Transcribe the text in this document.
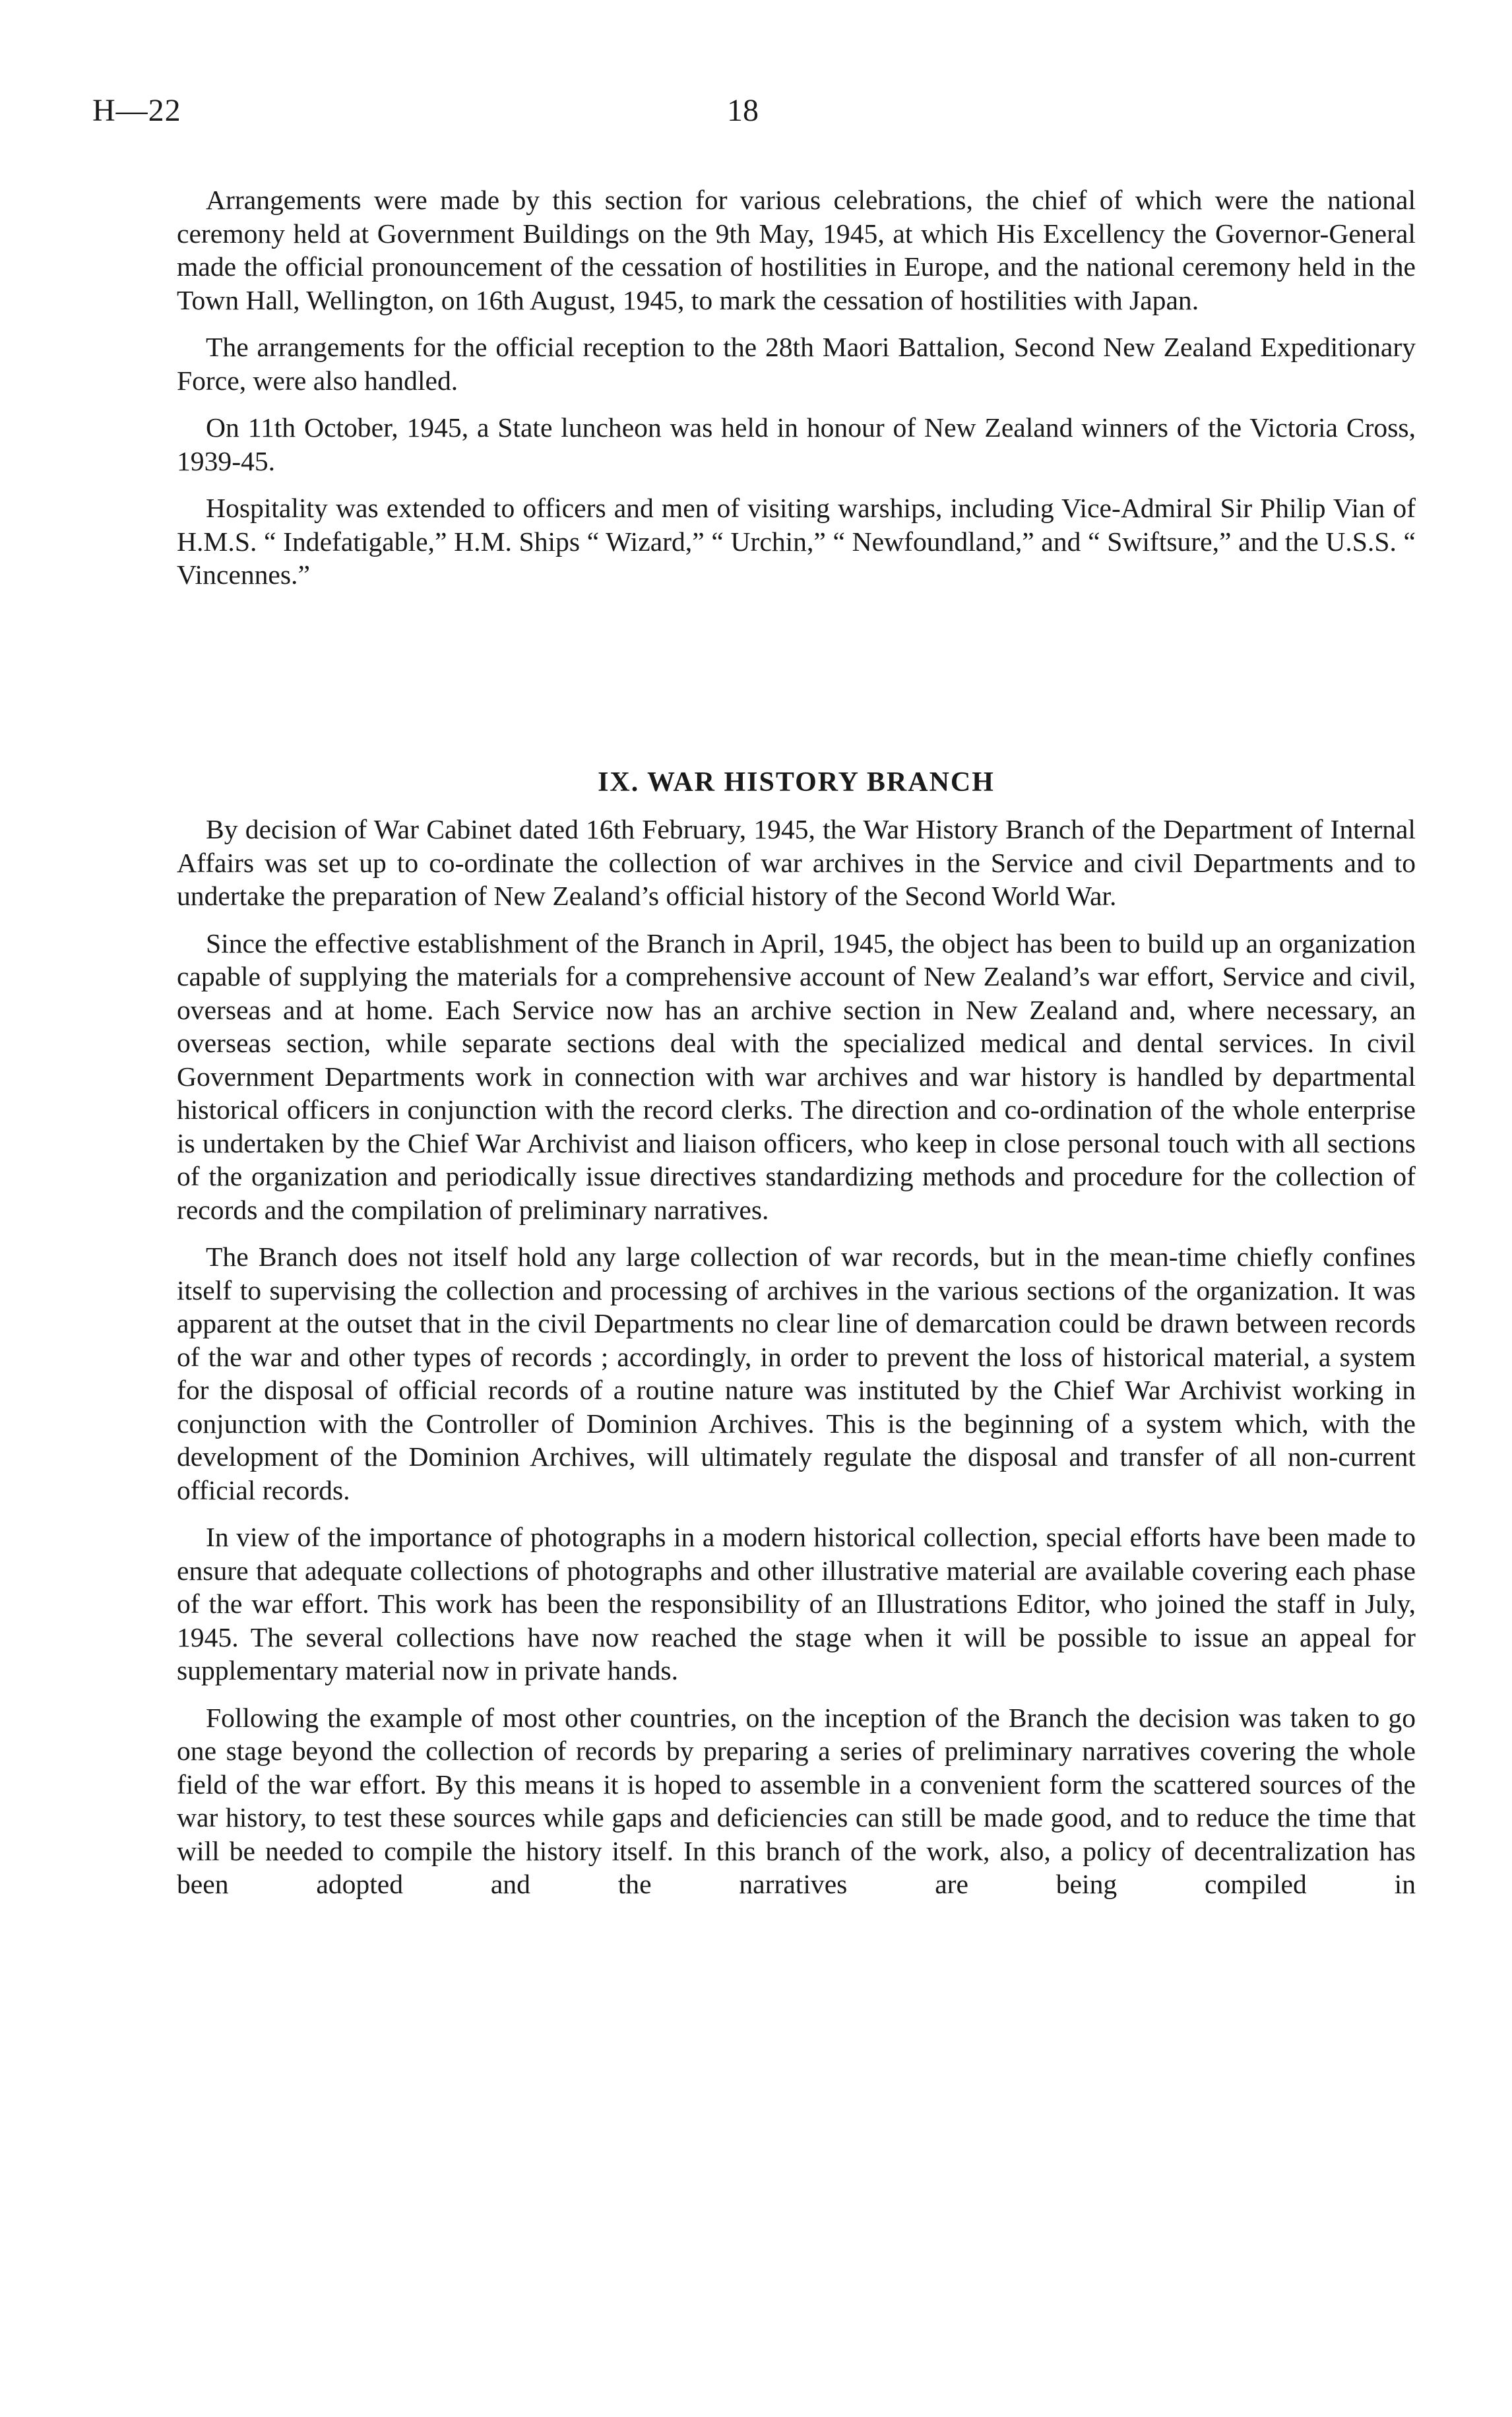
H—22	18

Arrangements were made by this section for various celebrations, the chief of which were the national ceremony held at Government Buildings on the 9th May, 1945, at which His Excellency the Governor-General made the official pronouncement of the cessation of hostilities in Europe, and the national ceremony held in the Town Hall, Wellington, on 16th August, 1945, to mark the cessation of hostilities with Japan.

The arrangements for the official reception to the 28th Maori Battalion, Second New Zealand Expeditionary Force, were also handled.

On 11th October, 1945, a State luncheon was held in honour of New Zealand winners of the Victoria Cross, 1939-45.

Hospitality was extended to officers and men of visiting warships, including Vice-Admiral Sir Philip Vian of H.M.S. “ Indefatigable,” H.M. Ships “ Wizard,” “ Urchin,” “ Newfoundland,” and “ Swiftsure,” and the U.S.S. “ Vincennes.”

IX. WAR HISTORY BRANCH

By decision of War Cabinet dated 16th February, 1945, the War History Branch of the Department of Internal Affairs was set up to co-ordinate the collection of war archives in the Service and civil Departments and to undertake the preparation of New Zealand’s official history of the Second World War.

Since the effective establishment of the Branch in April, 1945, the object has been to build up an organization capable of supplying the materials for a comprehensive account of New Zealand’s war effort, Service and civil, overseas and at home. Each Service now has an archive section in New Zealand and, where necessary, an overseas section, while separate sections deal with the specialized medical and dental services. In civil Government Departments work in connection with war archives and war history is handled by departmental historical officers in conjunction with the record clerks. The direction and co-ordination of the whole enterprise is undertaken by the Chief War Archivist and liaison officers, who keep in close personal touch with all sections of the organization and periodically issue directives standardizing methods and procedure for the collection of records and the compilation of preliminary narratives.

The Branch does not itself hold any large collection of war records, but in the mean-time chiefly confines itself to supervising the collection and processing of archives in the various sections of the organization. It was apparent at the outset that in the civil Departments no clear line of demarcation could be drawn between records of the war and other types of records ; accordingly, in order to prevent the loss of historical material, a system for the disposal of official records of a routine nature was instituted by the Chief War Archivist working in conjunction with the Controller of Dominion Archives. This is the beginning of a system which, with the development of the Dominion Archives, will ultimately regulate the disposal and transfer of all non-current official records.

In view of the importance of photographs in a modern historical collection, special efforts have been made to ensure that adequate collections of photographs and other illustrative material are available covering each phase of the war effort. This work has been the responsibility of an Illustrations Editor, who joined the staff in July, 1945. The several collections have now reached the stage when it will be possible to issue an appeal for supplementary material now in private hands.

Following the example of most other countries, on the inception of the Branch the decision was taken to go one stage beyond the collection of records by preparing a series of preliminary narratives covering the whole field of the war effort. By this means it is hoped to assemble in a convenient form the scattered sources of the war history, to test these sources while gaps and deficiencies can still be made good, and to reduce the time that will be needed to compile the history itself. In this branch of the work, also, a policy of decentralization has been adopted and the narratives are being compiled in
